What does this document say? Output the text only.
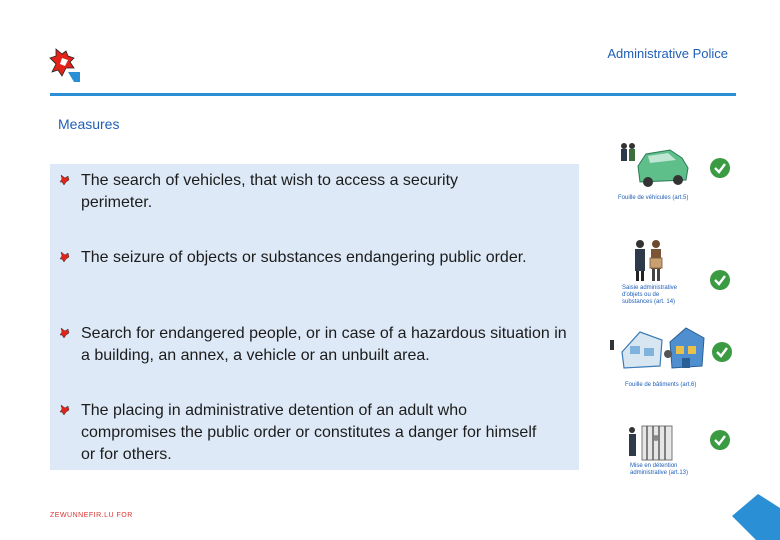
Administrative Police
Measures
The search of vehicles, that wish to access a security perimeter.
The seizure of objects or substances endangering public order.
Search for endangered people, or in case of a hazardous situation in a building, an annex, a vehicle or an unbuilt area.
The placing in administrative detention of an adult who compromises the public order or constitutes a danger for himself or for others.
Fouille de véhicules (art.5)
Saisie administrative d'objets ou de substances (art. 14)
Fouille de bâtiments (art.6)
Mise en détention administrative (art.13)
ZEWUNNEFIR.LU FOR
